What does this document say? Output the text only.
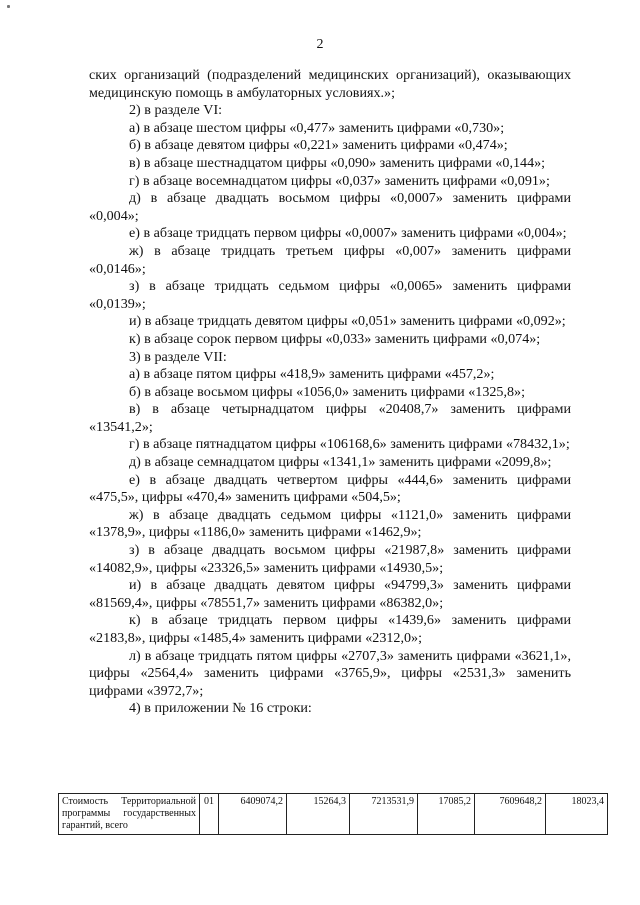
2

ских организаций (подразделений медицинских организаций), оказывающих медицинскую помощь в амбулаторных условиях.»;

2) в разделе VI:

а) в абзаце шестом цифры «0,477» заменить цифрами «0,730»;

б) в абзаце девятом цифры «0,221» заменить цифрами «0,474»;

в) в абзаце шестнадцатом цифры «0,090» заменить цифрами «0,144»;

г) в абзаце восемнадцатом цифры «0,037» заменить цифрами «0,091»;

д) в абзаце двадцать восьмом цифры «0,0007» заменить цифрами «0,004»;

е) в абзаце тридцать первом цифры «0,0007» заменить цифрами «0,004»;

ж) в абзаце тридцать третьем цифры «0,007» заменить цифрами «0,0146»;

з) в абзаце тридцать седьмом цифры «0,0065» заменить цифрами «0,0139»;

и) в абзаце тридцать девятом цифры «0,051» заменить цифрами «0,092»;

к) в абзаце сорок первом цифры «0,033» заменить цифрами «0,074»;

3) в разделе VII:

а) в абзаце пятом цифры «418,9» заменить цифрами «457,2»;

б) в абзаце восьмом цифры «1056,0» заменить цифрами «1325,8»;

в) в абзаце четырнадцатом цифры «20408,7» заменить цифрами «13541,2»;

г) в абзаце пятнадцатом цифры «106168,6» заменить цифрами «78432,1»;

д) в абзаце семнадцатом цифры «1341,1» заменить цифрами «2099,8»;

е) в абзаце двадцать четвертом цифры «444,6» заменить цифрами «475,5», цифры «470,4» заменить цифрами «504,5»;

ж) в абзаце двадцать седьмом цифры «1121,0» заменить цифрами «1378,9», цифры «1186,0» заменить цифрами «1462,9»;

з) в абзаце двадцать восьмом цифры «21987,8» заменить цифрами «14082,9», цифры «23326,5» заменить цифрами «14930,5»;

и) в абзаце двадцать девятом цифры «94799,3» заменить цифрами «81569,4», цифры «78551,7» заменить цифрами «86382,0»;

к) в абзаце тридцать первом цифры «1439,6» заменить цифрами «2183,8», цифры «1485,4» заменить цифрами «2312,0»;

л) в абзаце тридцать пятом цифры «2707,3» заменить цифрами «3621,1», цифры «2564,4» заменить цифрами «3765,9», цифры «2531,3» заменить цифрами «3972,7»;

4) в приложении № 16 строки:

Стоимость Территориальной программы государственных гарантий, всего	01	6409074,2	15264,3	7213531,9	17085,2	7609648,2	18023,4
